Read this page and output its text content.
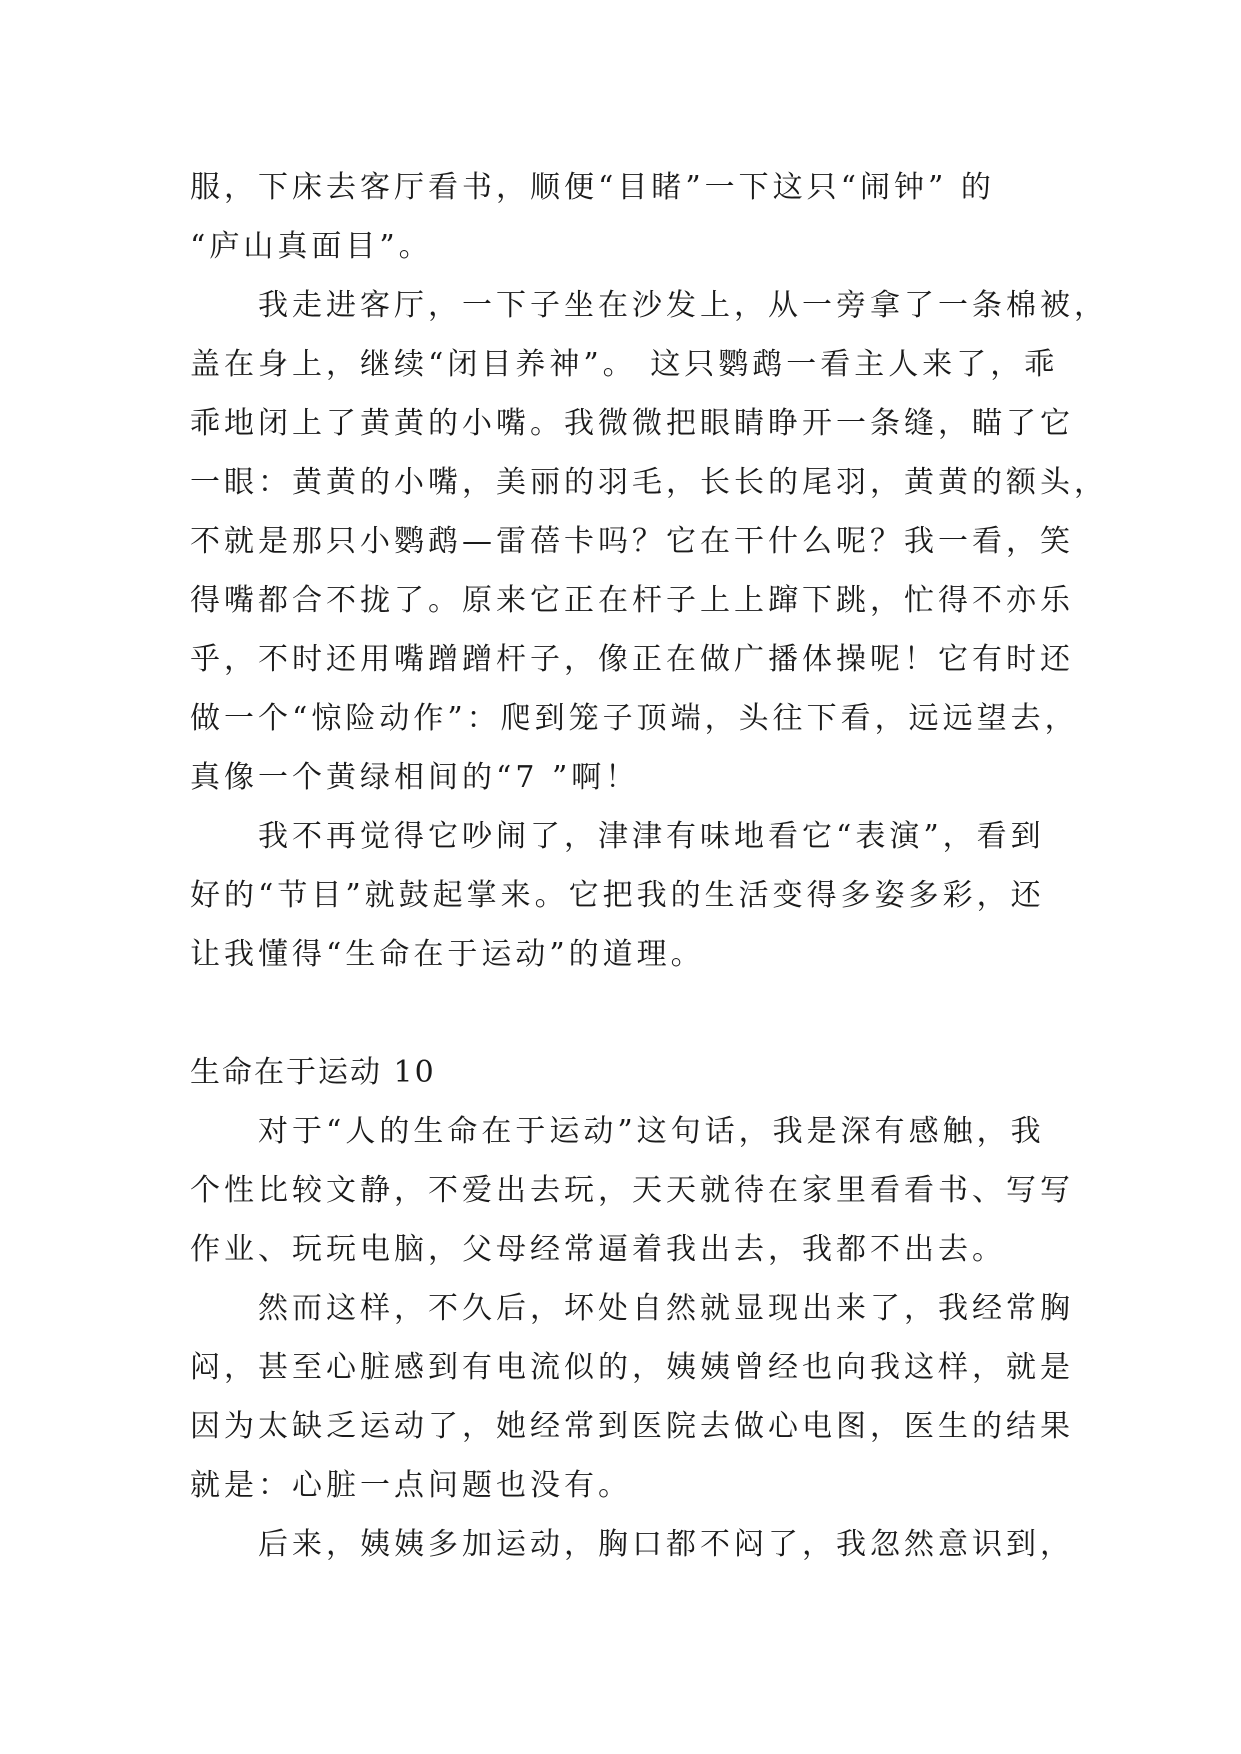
服，下床去客厅看书，顺便“目睹”一下这只“闹钟” 的
“庐山真面目”。
我走进客厅，一下子坐在沙发上，从一旁拿了一条棉被，
盖在身上，继续“闭目养神”。 这只鹦鹉一看主人来了，乖
乖地闭上了黄黄的小嘴。我微微把眼睛睁开一条缝，瞄了它
一眼：黄黄的小嘴，美丽的羽毛，长长的尾羽，黄黄的额头，
不就是那只小鹦鹉—雷蓓卡吗？它在干什么呢？我一看，笑
得嘴都合不拢了。原来它正在杆子上上蹿下跳，忙得不亦乐
乎，不时还用嘴蹭蹭杆子，像正在做广播体操呢！它有时还
做一个“惊险动作”：爬到笼子顶端，头往下看，远远望去，
真像一个黄绿相间的“7 ”啊！
我不再觉得它吵闹了，津津有味地看它“表演”，看到
好的“节目”就鼓起掌来。它把我的生活变得多姿多彩，还
让我懂得“生命在于运动”的道理。
生命在于运动 10
对于“人的生命在于运动”这句话，我是深有感触，我
个性比较文静，不爱出去玩，天天就待在家里看看书、写写
作业、玩玩电脑，父母经常逼着我出去，我都不出去。
然而这样，不久后，坏处自然就显现出来了，我经常胸
闷，甚至心脏感到有电流似的，姨姨曾经也向我这样，就是
因为太缺乏运动了，她经常到医院去做心电图，医生的结果
就是：心脏一点问题也没有。
后来，姨姨多加运动，胸口都不闷了，我忽然意识到，
